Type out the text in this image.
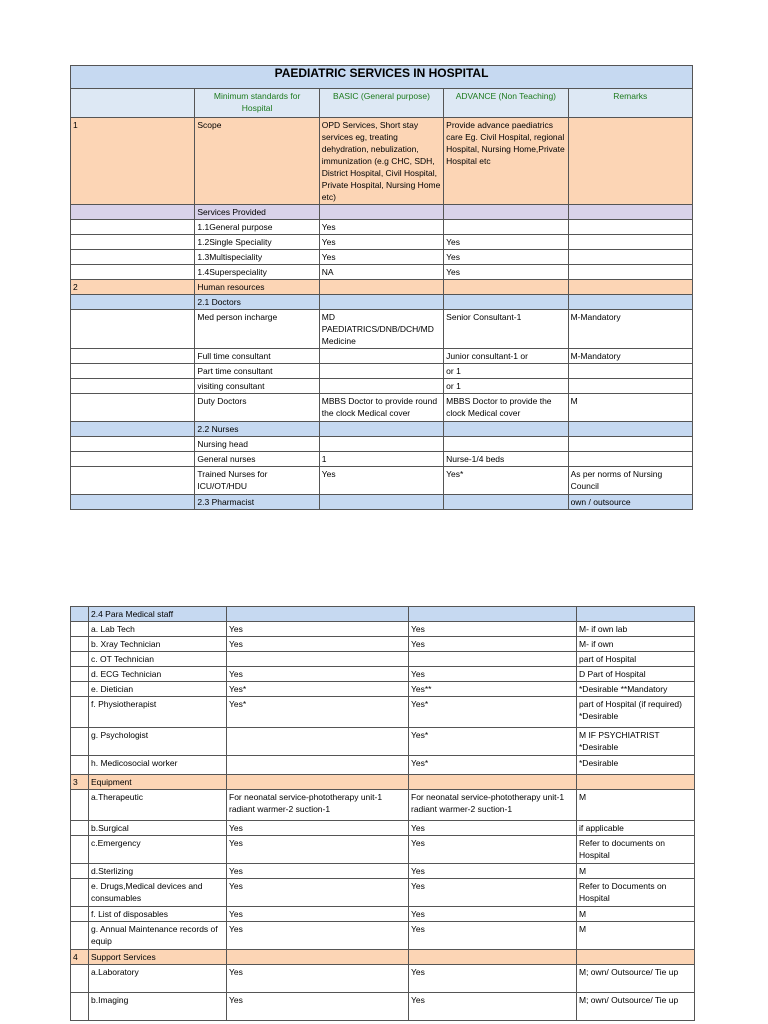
PAEDIATRIC SERVICES IN HOSPITAL				
	Minimum standards for Hospital	BASIC (General purpose)	ADVANCE (Non Teaching)	Remarks
1	Scope	OPD Services, Short stay services eg, treating dehydration, nebulization, immunization (e.g CHC, SDH, District Hospital, Civil Hospital, Private Hospital, Nursing Home etc)	Provide advance paediatrics care Eg. Civil Hospital, regional Hospital, Nursing Home,Private Hospital etc	
	Services Provided			
	1.1General purpose	Yes		
	1.2Single Speciality	Yes	Yes	
	1.3Multispeciality	Yes	Yes	
	1.4Superspeciality	NA	Yes	
2	Human resources			
	2.1 Doctors			
	Med person incharge	MD PAEDIATRICS/DNB/DCH/MD Medicine	Senior Consultant-1	M-Mandatory
	Full time consultant		Junior consultant-1 or	M-Mandatory
	Part time consultant		or 1	
	visiting consultant		or 1	
	Duty Doctors	MBBS Doctor to provide round the clock Medical cover	MBBS Doctor to provide the clock Medical cover	M
	2.2 Nurses			
	Nursing head			
	General nurses	1	Nurse-1/4 beds	
	Trained Nurses for ICU/OT/HDU	Yes	Yes*	As per norms of Nursing Council
	2.3 Pharmacist			own / outsource
	2.4 Para Medical staff			
	a. Lab Tech	Yes	Yes	M- if own lab
	b. Xray Technician	Yes	Yes	M- if own
	c. OT Technician			part of Hospital
	d. ECG Technician	Yes	Yes	D Part of Hospital
	e. Dietician	Yes*	Yes**	*Desirable **Mandatory
	f. Physiotherapist	Yes*	Yes*	part of Hospital (if required) *Desirable
	g. Psychologist		Yes*	M IF PSYCHIATRIST *Desirable
	h. Medicosocial worker		Yes*	*Desirable
3	Equipment			
	a.Therapeutic	For neonatal service-phototherapy unit-1 radiant warmer-2 suction-1	For neonatal service-phototherapy unit-1 radiant warmer-2 suction-1	M
	b.Surgical	Yes	Yes	if applicable
	c.Emergency	Yes	Yes	Refer to documents on Hospital
	d.Sterlizing	Yes	Yes	M
	e. Drugs,Medical devices and consumables	Yes	Yes	Refer to Documents on Hospital
	f. List of disposables	Yes	Yes	M
	g. Annual Maintenance records of equip	Yes	Yes	M
4	Support Services			
	a.Laboratory	Yes	Yes	M; own/ Outsource/ Tie up
	b.Imaging	Yes	Yes	M; own/ Outsource/ Tie up
